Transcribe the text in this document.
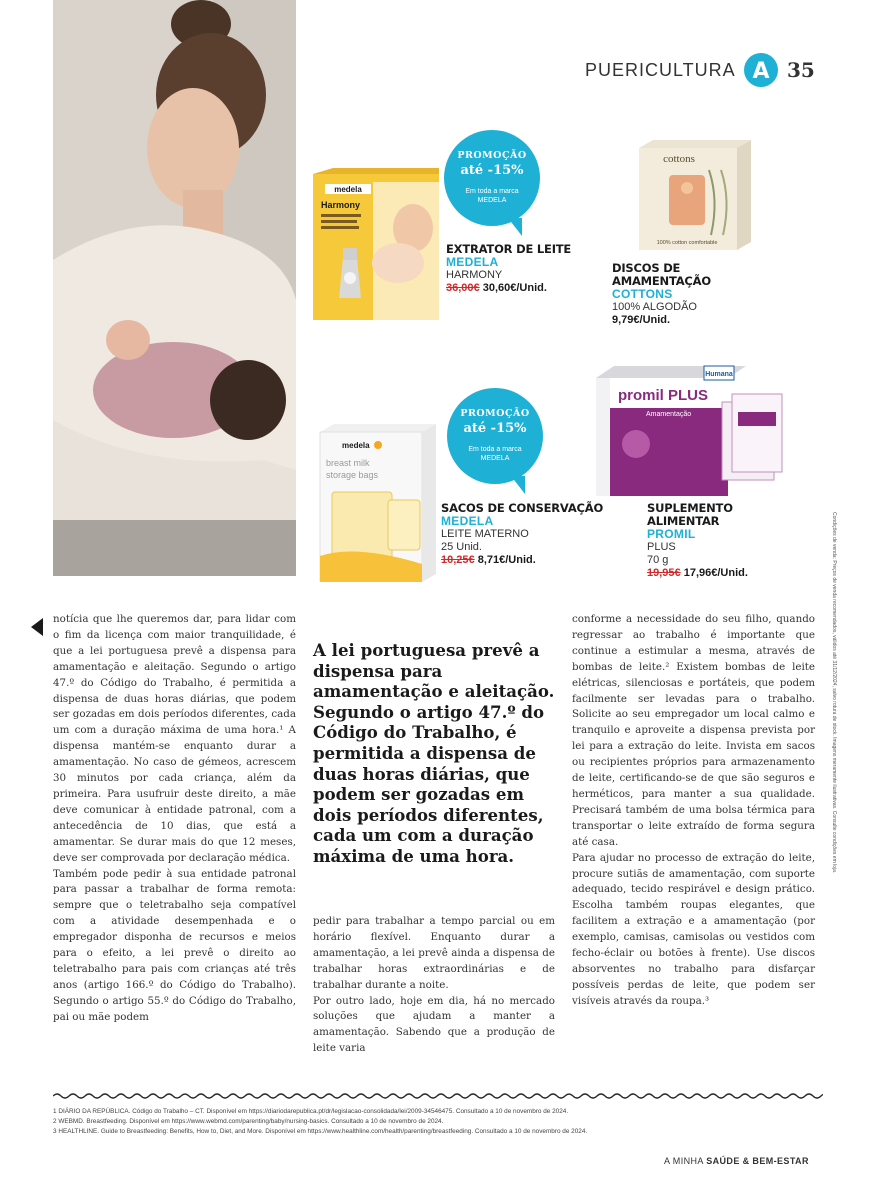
PUERICULTURA A 35
medela
Harmony
PROMOÇÃO
até -15%
Em toda a marca MEDELA
EXTRATOR DE LEITE
MEDELA
HARMONY
36,00€ 30,60€/Unid.
cottons
100% cotton comfortable
DISCOS DE AMAMENTAÇÃO
COTTONS
100% ALGODÃO
9,79€/Unid.
medela
breast milk
storage bags
PROMOÇÃO
até -15%
Em toda a marca MEDELA
SACOS DE CONSERVAÇÃO
MEDELA
LEITE MATERNO
25 Unid.
10,25€ 8,71€/Unid.
promil PLUS
Amamentação
Humana
SUPLEMENTO ALIMENTAR
PROMIL
PLUS
70 g
19,95€ 17,96€/Unid.	Condições de venda: Preços de venda recomendados, válidos até 31/12/2024, salvo rotura de stock. Imagens meramente ilustrativas. Consulte condições em loja.
notícia que lhe queremos dar, para lidar com o fim da licença com maior tranquilidade, é que a lei portuguesa prevê a dispensa para amamentação e aleitação. Segundo o artigo 47.º do Código do Trabalho, é permitida a dispensa de duas horas diárias, que podem ser gozadas em dois períodos diferentes, cada um com a duração máxima de uma hora.¹ A dispensa mantém-se enquanto durar a amamentação. No caso de gémeos, acrescem 30 minutos por cada criança, além da primeira. Para usufruir deste direito, a mãe deve comunicar à entidade patronal, com a antecedência de 10 dias, que está a amamentar. Se durar mais do que 12 meses, deve ser comprovada por declaração médica.
Também pode pedir à sua entidade patronal para passar a trabalhar de forma remota: sempre que o teletrabalho seja compatível com a atividade desempenhada e o empregador disponha de recursos e meios para o efeito, a lei prevê o direito ao teletrabalho para pais com crianças até três anos (artigo 166.º do Código do Trabalho). Segundo o artigo 55.º do Código do Trabalho, pai ou mãe podem
A lei portuguesa prevê a dispensa para amamentação e aleitação. Segundo o artigo 47.º do Código do Trabalho, é permitida a dispensa de duas horas diárias, que podem ser gozadas em dois períodos diferentes, cada um com a duração máxima de uma hora.
pedir para trabalhar a tempo parcial ou em horário flexível. Enquanto durar a amamentação, a lei prevê ainda a dispensa de trabalhar horas extraordinárias e de trabalhar durante a noite.
Por outro lado, hoje em dia, há no mercado soluções que ajudam a manter a amamentação. Sabendo que a produção de leite varia
conforme a necessidade do seu filho, quando regressar ao trabalho é importante que continue a estimular a mesma, através de bombas de leite.² Existem bombas de leite elétricas, silenciosas e portáteis, que podem facilmente ser levadas para o trabalho. Solicite ao seu empregador um local calmo e tranquilo e aproveite a dispensa prevista por lei para a extração do leite. Invista em sacos ou recipientes próprios para armazenamento de leite, certificando-se de que são seguros e herméticos, para manter a sua qualidade. Precisará também de uma bolsa térmica para transportar o leite extraído de forma segura até casa.
Para ajudar no processo de extração do leite, procure sutiãs de amamentação, com suporte adequado, tecido respirável e design prático. Escolha também roupas elegantes, que facilitem a extração e a amamentação (por exemplo, camisas, camisolas ou vestidos com fecho-éclair ou botões à frente). Use discos absorventes no trabalho para disfarçar possíveis perdas de leite, que podem ser visíveis através da roupa.³
1 DIÁRIO DA REPÚBLICA. Código do Trabalho – CT. Disponível em https://diariodarepublica.pt/dr/legislacao-consolidada/lei/2009-34546475. Consultado a 10 de novembro de 2024.
2 WEBMD. Breastfeeding. Disponível em https://www.webmd.com/parenting/baby/nursing-basics. Consultado a 10 de novembro de 2024.
3 HEALTHLINE. Guide to Breastfeeding: Benefits, How to, Diet, and More. Disponível em https://www.healthline.com/health/parenting/breastfeeding. Consultado a 10 de novembro de 2024.
A MINHA SAÚDE & BEM-ESTAR
